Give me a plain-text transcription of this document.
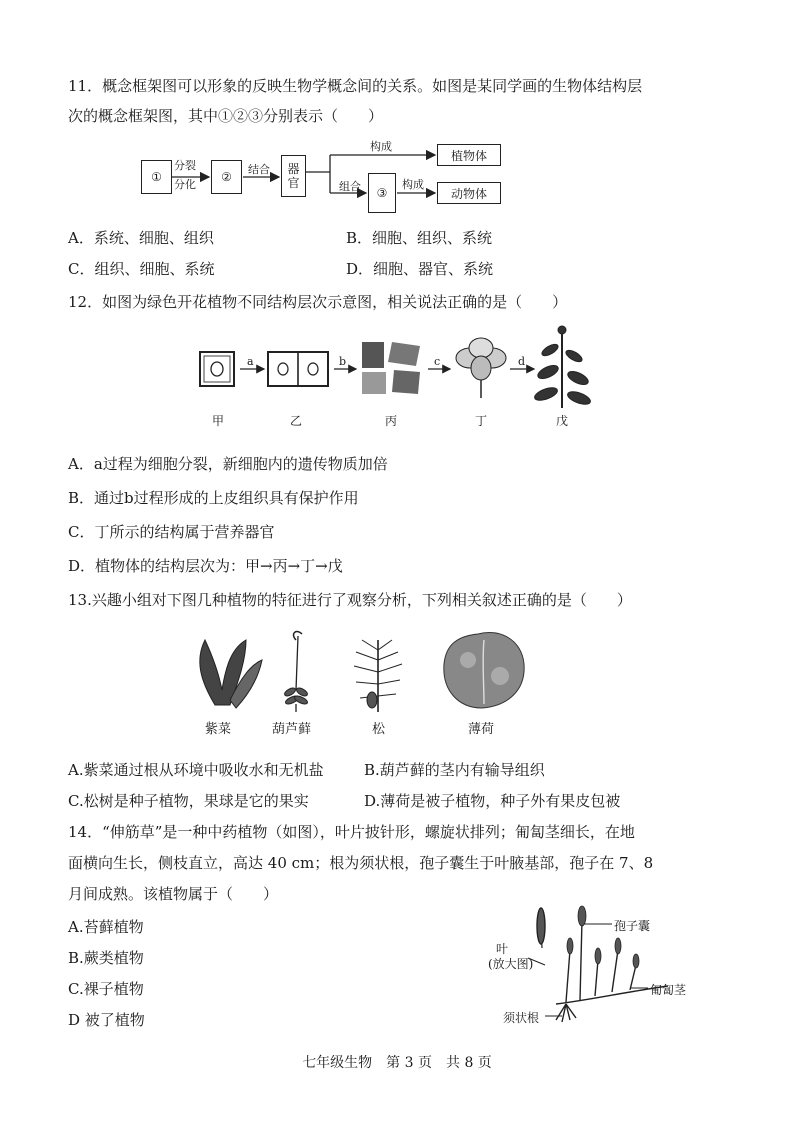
11．概念框架图可以形象的反映生物学概念间的关系。如图是某同学画的生物体结构层
次的概念框架图，其中①②③分别表示（　　）
①	②
器
官
③
植物体
动物体
分裂
分化
结合
构成
组合	构成
A．系统、细胞、组织	B．细胞、组织、系统
C．组织、细胞、系统	D．细胞、器官、系统
12．如图为绿色开花植物不同结构层次示意图，相关说法正确的是（　　）
a	b	c	d
甲	乙	丙	丁	戊
A．a过程为细胞分裂，新细胞内的遗传物质加倍
B．通过b过程形成的上皮组织具有保护作用
C．丁所示的结构属于营养器官
D．植物体的结构层次为：甲→丙→丁→戊
13.兴趣小组对下图几种植物的特征进行了观察分析，下列相关叙述正确的是（　　）
紫菜	葫芦藓	松	薄荷
A.紫菜通过根从环境中吸收水和无机盐	B.葫芦藓的茎内有输导组织
C.松树是种子植物，果球是它的果实	D.薄荷是被子植物，种子外有果皮包被
14．“伸筋草”是一种中药植物（如图），叶片披针形，螺旋状排列；匍匐茎细长，在地
面横向生长，侧枝直立，高达 40 cm；根为须状根，孢子囊生于叶腋基部，孢子在 7、8
月间成熟。该植物属于（　　）
A.苔藓植物
B.蕨类植物
C.裸子植物
D 被了植物
孢子囊
叶
(放大图)
匍匐茎
须状根
七年级生物　第 3 页　共 8 页
